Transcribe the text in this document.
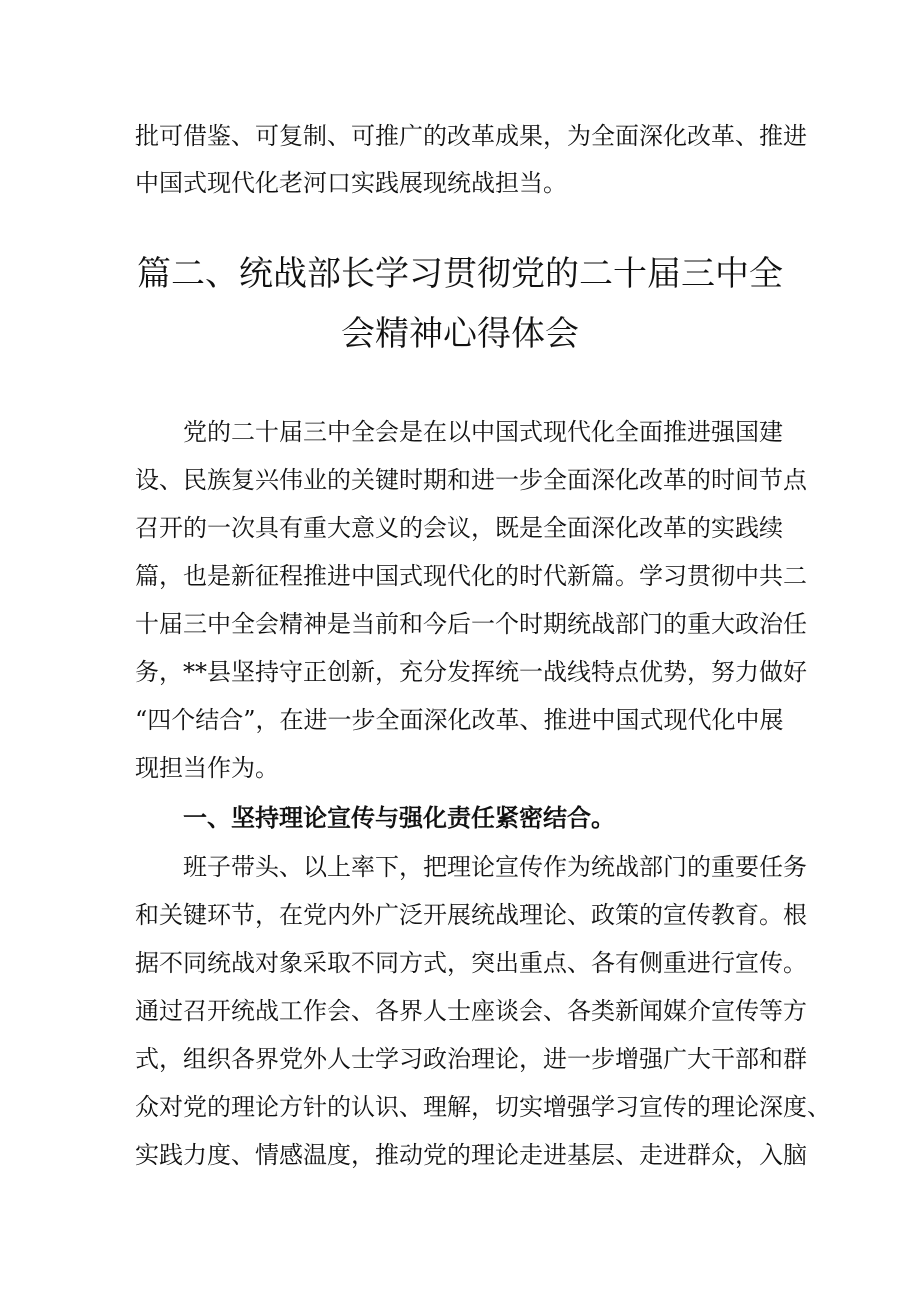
批可借鉴、可复制、可推广的改革成果，为全面深化改革、推进
中国式现代化老河口实践展现统战担当。
篇二、统战部长学习贯彻党的二十届三中全
会精神心得体会
党的二十届三中全会是在以中国式现代化全面推进强国建
设、民族复兴伟业的关键时期和进一步全面深化改革的时间节点
召开的一次具有重大意义的会议，既是全面深化改革的实践续
篇，也是新征程推进中国式现代化的时代新篇。学习贯彻中共二
十届三中全会精神是当前和今后一个时期统战部门的重大政治任
务，**县坚持守正创新，充分发挥统一战线特点优势，努力做好
“四个结合”，在进一步全面深化改革、推进中国式现代化中展
现担当作为。
一、坚持理论宣传与强化责任紧密结合。
班子带头、以上率下，把理论宣传作为统战部门的重要任务
和关键环节，在党内外广泛开展统战理论、政策的宣传教育。根
据不同统战对象采取不同方式，突出重点、各有侧重进行宣传。
通过召开统战工作会、各界人士座谈会、各类新闻媒介宣传等方
式，组织各界党外人士学习政治理论，进一步增强广大干部和群
众对党的理论方针的认识、理解，切实增强学习宣传的理论深度、
实践力度、情感温度，推动党的理论走进基层、走进群众，入脑
